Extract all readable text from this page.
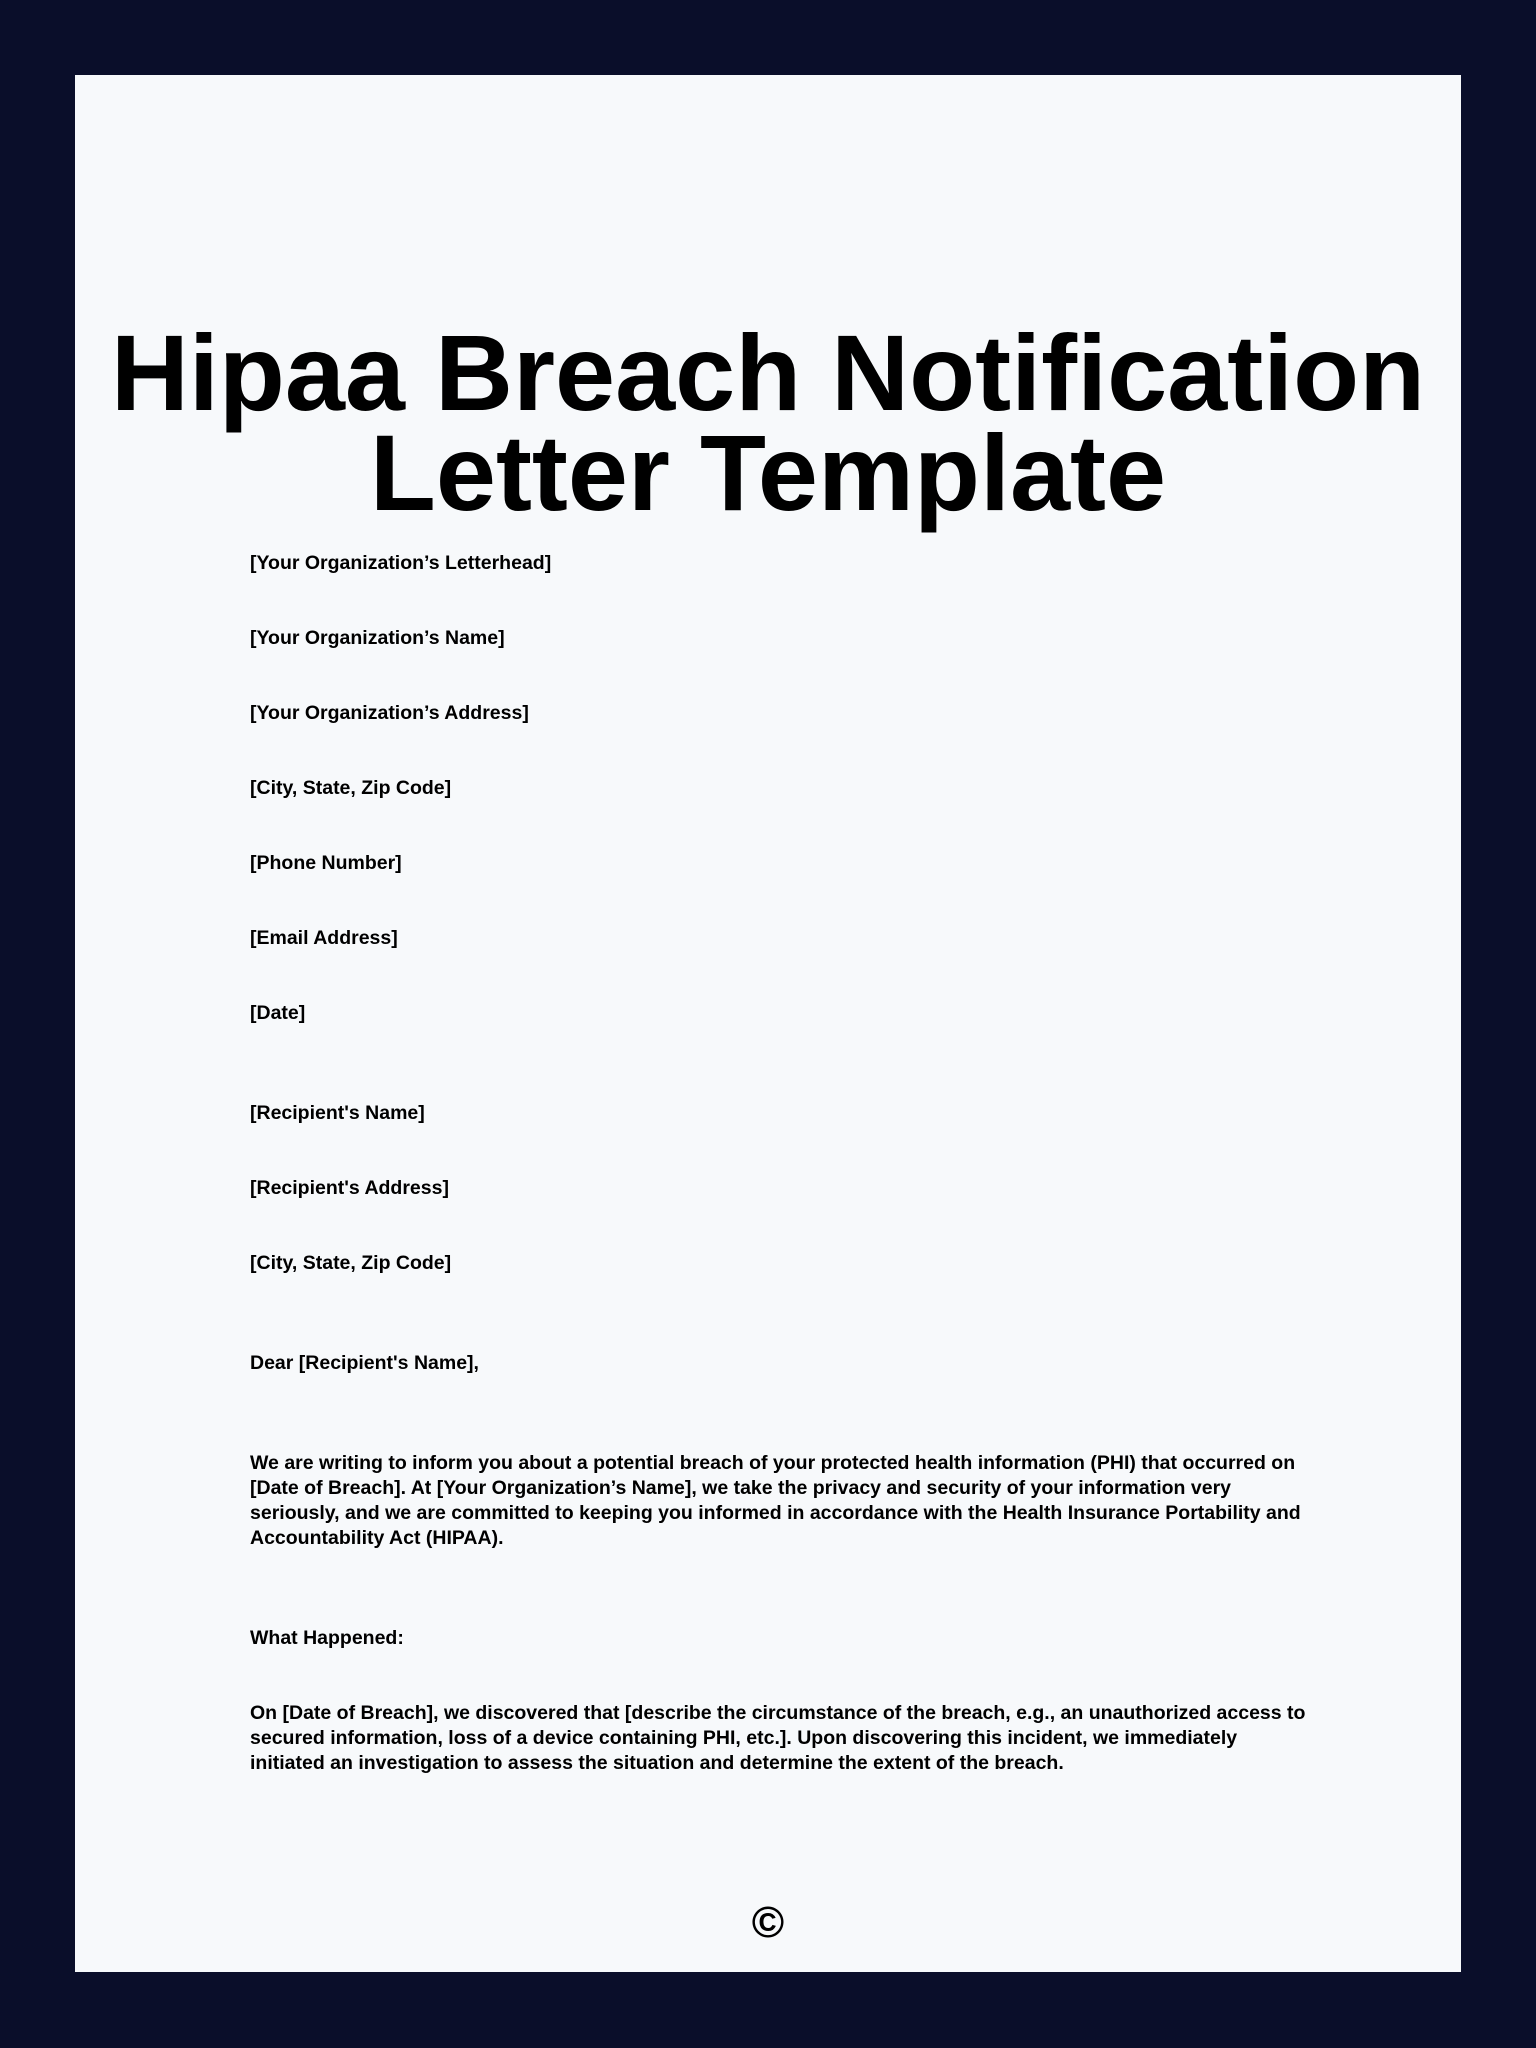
Hipaa Breach Notification
Letter Template

[Your Organization’s Letterhead]

[Your Organization’s Name]

[Your Organization’s Address]

[City, State, Zip Code]

[Phone Number]

[Email Address]

[Date]

[Recipient's Name]

[Recipient's Address]

[City, State, Zip Code]

Dear [Recipient's Name],

We are writing to inform you about a potential breach of your protected health information (PHI) that occurred on [Date of Breach]. At [Your Organization’s Name], we take the privacy and security of your information very seriously, and we are committed to keeping you informed in accordance with the Health Insurance Portability and Accountability Act (HIPAA).

What Happened:

On [Date of Breach], we discovered that [describe the circumstance of the breach, e.g., an unauthorized access to secured information, loss of a device containing PHI, etc.]. Upon discovering this incident, we immediately initiated an investigation to assess the situation and determine the extent of the breach.

©
